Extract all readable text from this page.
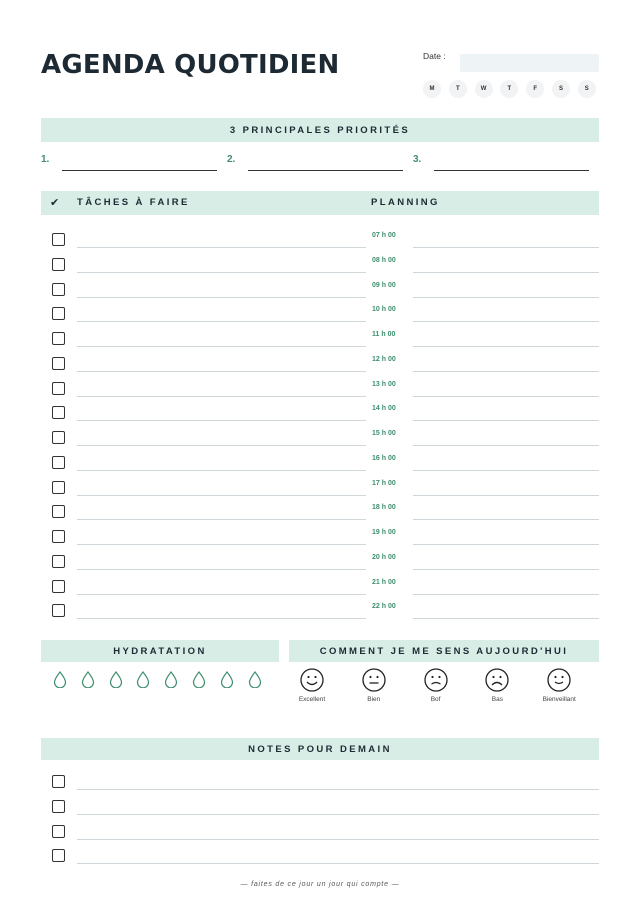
AGENDA QUOTIDIEN	Date :
M	T	W	T	F	S	S
3 PRINCIPALES PRIORITÉS
1.	2.	3.
✔ TÂCHES À FAIRE	PLANNING
07 h 00
08 h 00
09 h 00
10 h 00
11 h 00
12 h 00
13 h 00
14 h 00
15 h 00
16 h 00
17 h 00
18 h 00
19 h 00
20 h 00
21 h 00
22 h 00
HYDRATATION	COMMENT JE ME SENS AUJOURD'HUI
Excellent	Bien	Bof	Bas	Bienveillant
NOTES POUR DEMAIN
— faites de ce jour un jour qui compte —
